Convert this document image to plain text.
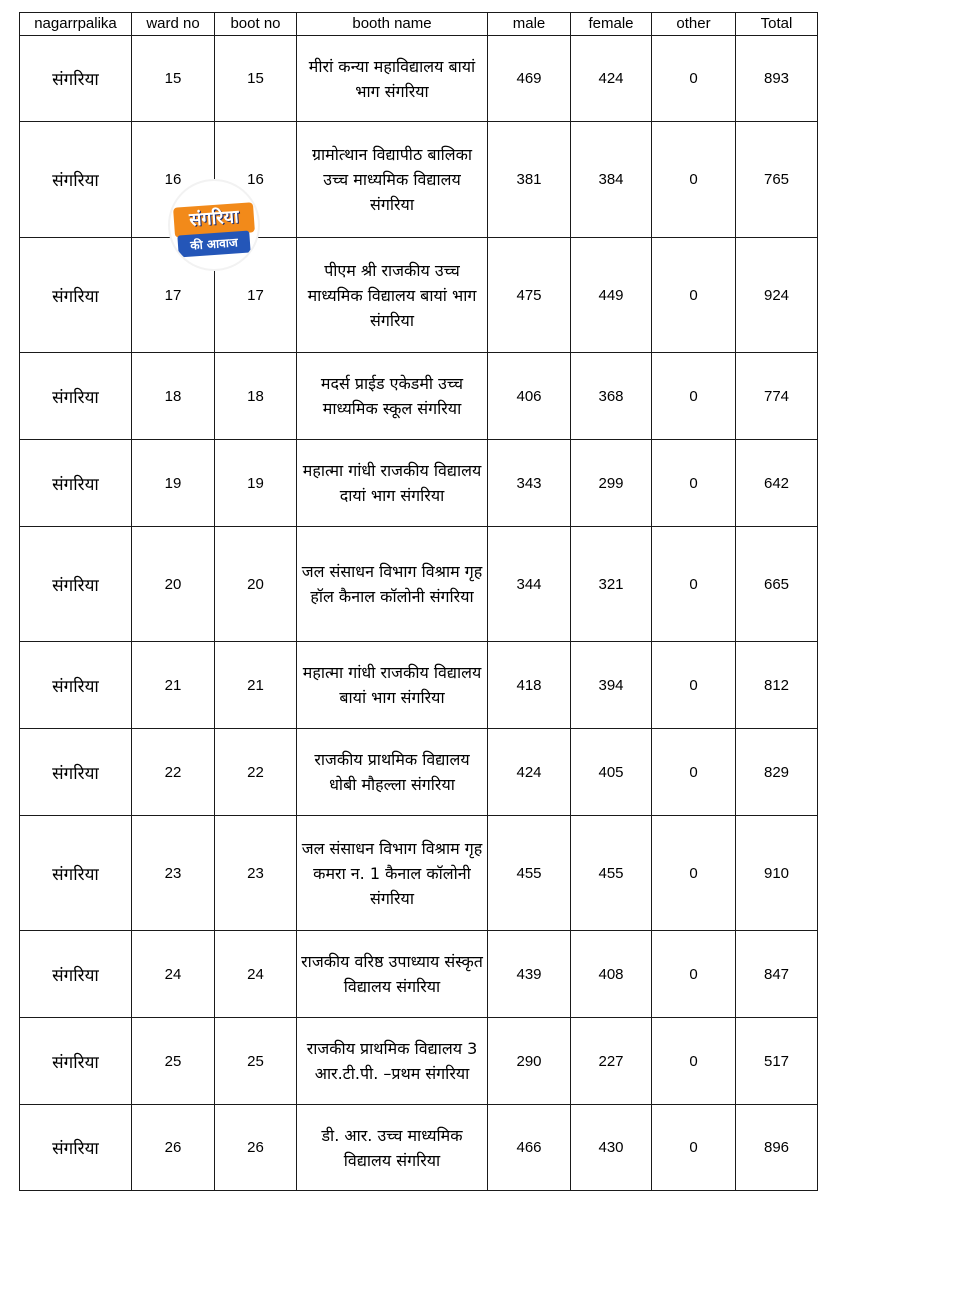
nagarrpalika	ward no	boot no	booth name	male	female	other	Total
संगरिया	15	15	मीरां कन्या महाविद्यालय बायां भाग संगरिया	469	424	0	893
संगरिया	16	16	ग्रामोत्थान विद्यापीठ बालिका उच्च माध्यमिक विद्यालय संगरिया	381	384	0	765
संगरिया	17	17	पीएम श्री राजकीय उच्च माध्यमिक विद्यालय बायां भाग संगरिया	475	449	0	924
संगरिया	18	18	मदर्स प्राईड एकेडमी उच्च माध्यमिक स्कूल संगरिया	406	368	0	774
संगरिया	19	19	महात्मा गांधी राजकीय विद्यालय दायां भाग संगरिया	343	299	0	642
संगरिया	20	20	जल संसाधन विभाग विश्राम गृह हॉल कैनाल कॉलोनी संगरिया	344	321	0	665
संगरिया	21	21	महात्मा गांधी राजकीय विद्यालय बायां भाग संगरिया	418	394	0	812
संगरिया	22	22	राजकीय प्राथमिक विद्यालय धोबी मौहल्ला संगरिया	424	405	0	829
संगरिया	23	23	जल संसाधन विभाग विश्राम गृह कमरा न. 1 कैनाल कॉलोनी संगरिया	455	455	0	910
संगरिया	24	24	राजकीय वरिष्ठ उपाध्याय संस्कृत विद्यालय संगरिया	439	408	0	847
संगरिया	25	25	राजकीय प्राथमिक विद्यालय 3 आर.टी.पी. –प्रथम संगरिया	290	227	0	517
संगरिया	26	26	डी. आर. उच्च माध्यमिक विद्यालय संगरिया	466	430	0	896
संगरिया
की आवाज
